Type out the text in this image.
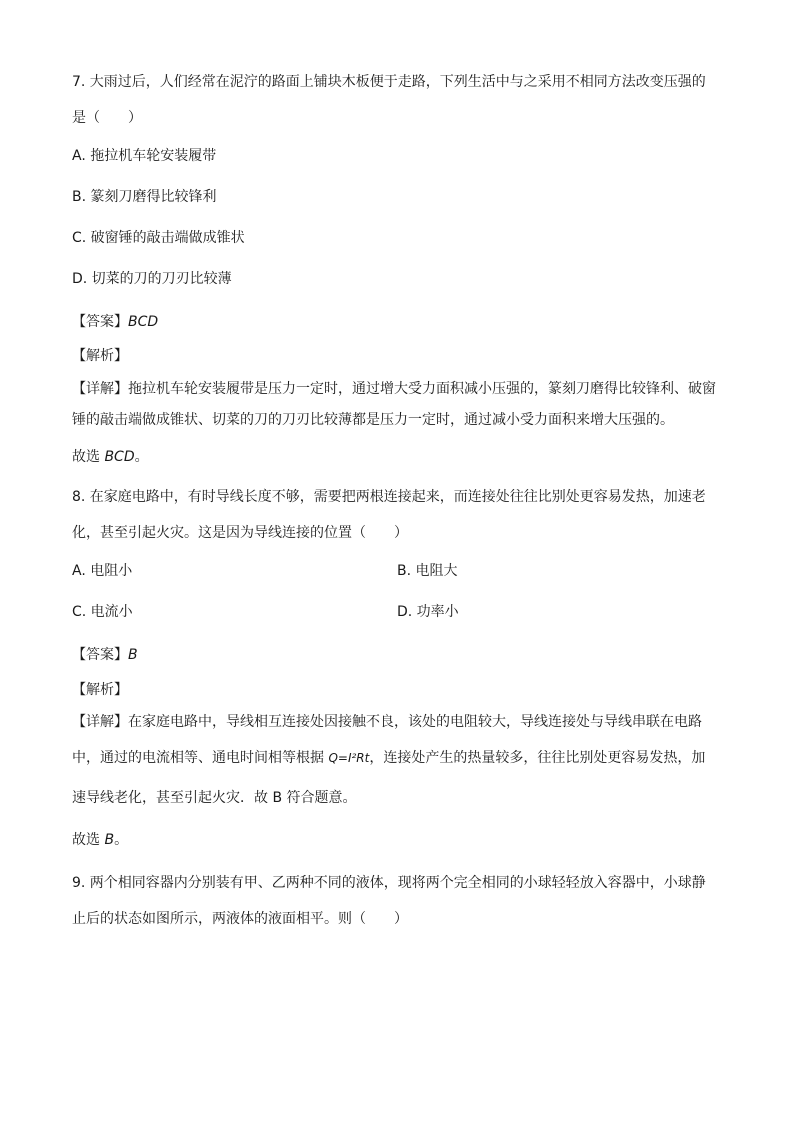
7. 大雨过后，人们经常在泥泞的路面上铺块木板便于走路，下列生活中与之采用不相同方法改变压强的
是（　　）
A. 拖拉机车轮安装履带
B. 篆刻刀磨得比较锋利
C. 破窗锤的敲击端做成锥状
D. 切菜的刀的刀刃比较薄
【答案】BCD
【解析】
【详解】拖拉机车轮安装履带是压力一定时，通过增大受力面积减小压强的，篆刻刀磨得比较锋利、破窗
锤的敲击端做成锥状、切菜的刀的刀刃比较薄都是压力一定时，通过减小受力面积来增大压强的。
故选 BCD。
8. 在家庭电路中，有时导线长度不够，需要把两根连接起来，而连接处往往比别处更容易发热，加速老
化，甚至引起火灾。这是因为导线连接的位置（　　）
A. 电阻小	B. 电阻大
C. 电流小	D. 功率小
【答案】B
【解析】
【详解】在家庭电路中，导线相互连接处因接触不良，该处的电阻较大，导线连接处与导线串联在电路
中，通过的电流相等、通电时间相等根据 Q=I²Rt，连接处产生的热量较多，往往比别处更容易发热，加
速导线老化，甚至引起火灾．故 B 符合题意。
故选 B。
9. 两个相同容器内分别装有甲、乙两种不同的液体，现将两个完全相同的小球轻轻放入容器中，小球静
止后的状态如图所示，两液体的液面相平。则（　　）
